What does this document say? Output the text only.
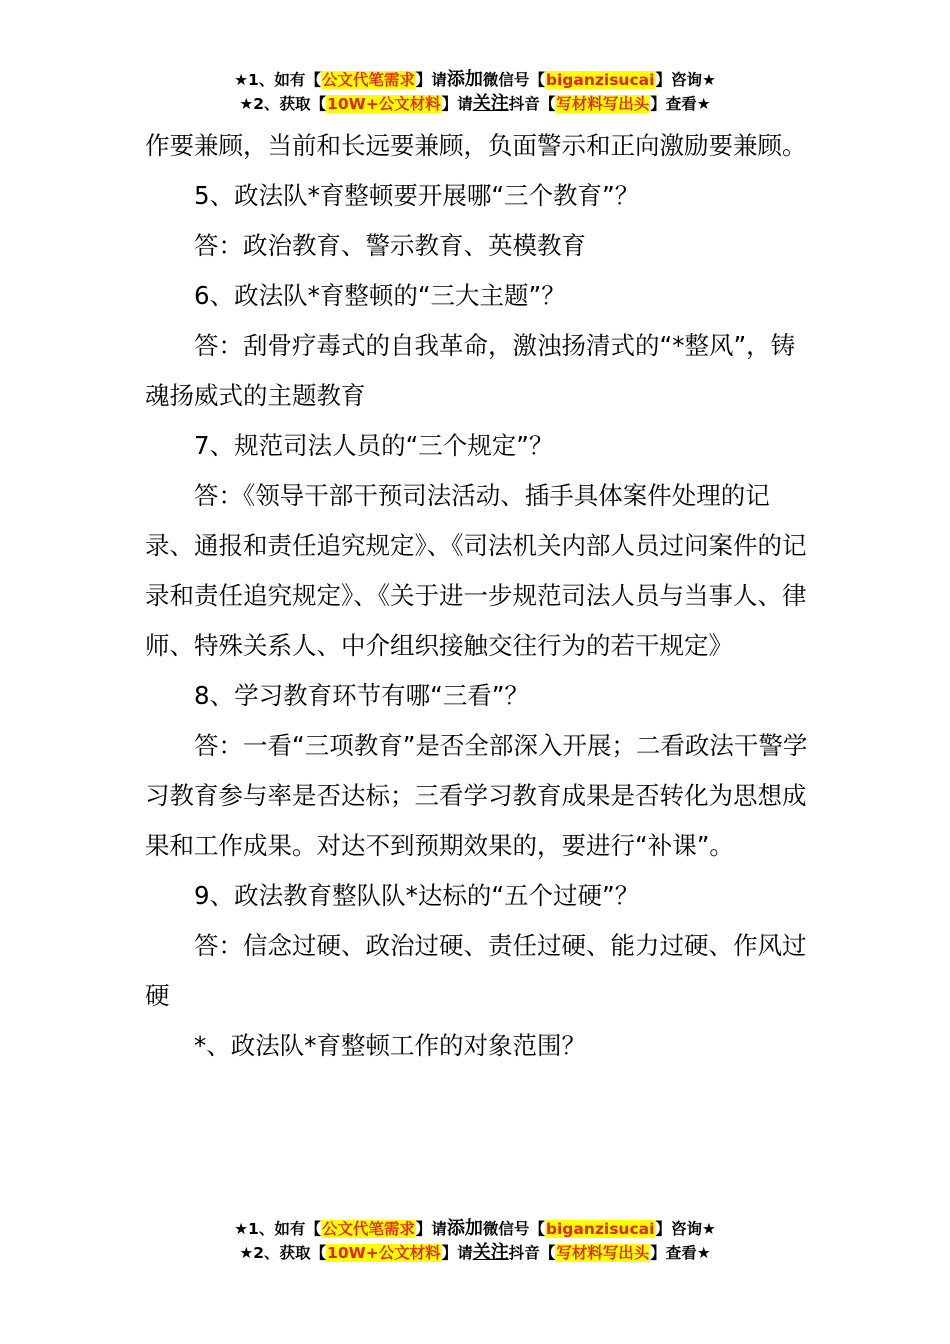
★1、如有【公文代笔需求】请添加微信号【biganzisucai】咨询★
★2、获取【10W+公文材料】请关注抖音【写材料写出头】查看★

作要兼顾，当前和长远要兼顾，负面警示和正向激励要兼顾。

5、政法队*育整顿要开展哪“三个教育”？

答：政治教育、警示教育、英模教育

6、政法队*育整顿的“三大主题”？

答：刮骨疗毒式的自我革命，激浊扬清式的“*整风”，铸魂扬威式的主题教育

7、规范司法人员的“三个规定”？

答：《领导干部干预司法活动、插手具体案件处理的记录、通报和责任追究规定》、《司法机关内部人员过问案件的记录和责任追究规定》、《关于进一步规范司法人员与当事人、律师、特殊关系人、中介组织接触交往行为的若干规定》

8、学习教育环节有哪“三看”？

答：一看“三项教育”是否全部深入开展；二看政法干警学习教育参与率是否达标；三看学习教育成果是否转化为思想成果和工作成果。对达不到预期效果的，要进行“补课”。

9、政法教育整队队*达标的“五个过硬”？

答：信念过硬、政治过硬、责任过硬、能力过硬、作风过硬

*、政法队*育整顿工作的对象范围？

★1、如有【公文代笔需求】请添加微信号【biganzisucai】咨询★
★2、获取【10W+公文材料】请关注抖音【写材料写出头】查看★
